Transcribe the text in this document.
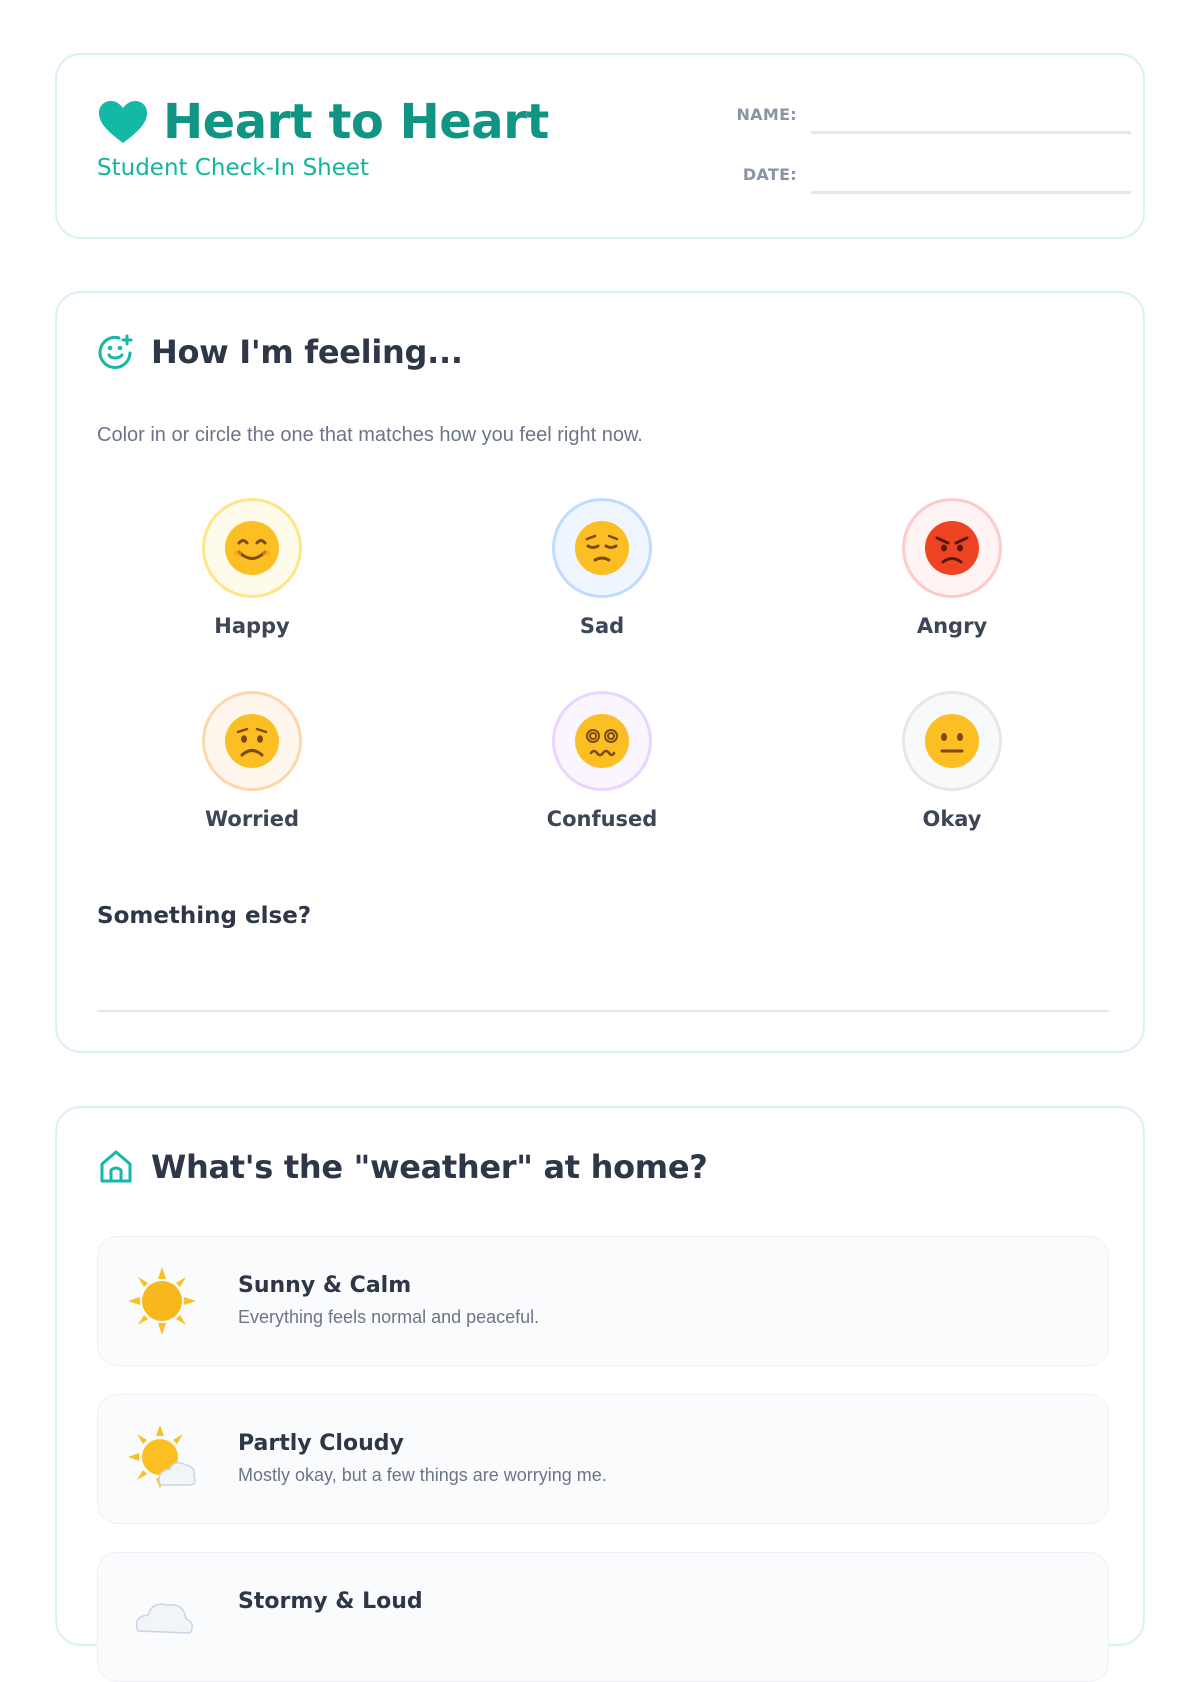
Heart to Heart
Student Check-In Sheet
NAME:
DATE:
How I'm feeling...
Color in or circle the one that matches how you feel right now.
Happy	Sad	Angry
Worried	Confused	Okay
Something else?
What's the "weather" at home?
Sunny & Calm
Everything feels normal and peaceful.
Partly Cloudy
Mostly okay, but a few things are worrying me.
Stormy & Loud
